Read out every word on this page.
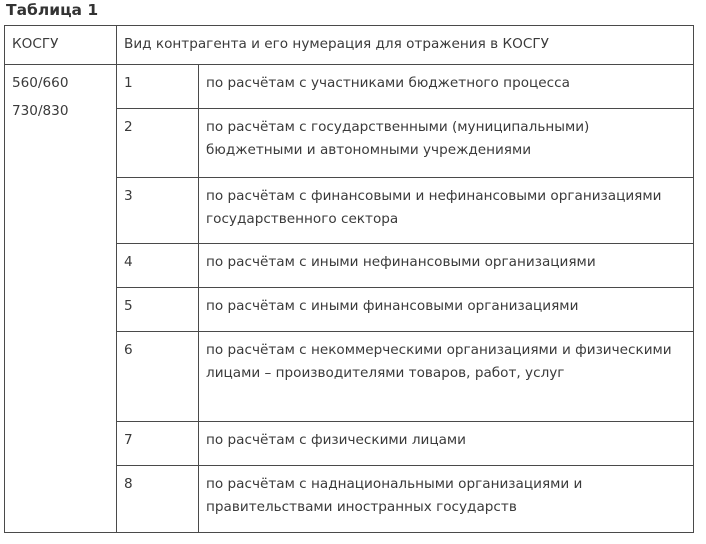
Таблица 1
КОСГУ	Вид контрагента и его нумерация для отражения в КОСГУ	

560/660
730/830	1	по расчётам с участниками бюджетного процесса
	2	по расчётам с государственными (муниципальными) бюджетными и автономными учреждениями
	3	по расчётам с финансовыми и нефинансовыми организациями государственного сектора
	4	по расчётам с иными нефинансовыми организациями
	5	по расчётам с иными финансовыми организациями
	6	по расчётам с некоммерческими организациями и физическими лицами – производителями товаров, работ, услуг
	7	по расчётам с физическими лицами
	8	по расчётам с наднациональными организациями и правительствами иностранных государств
